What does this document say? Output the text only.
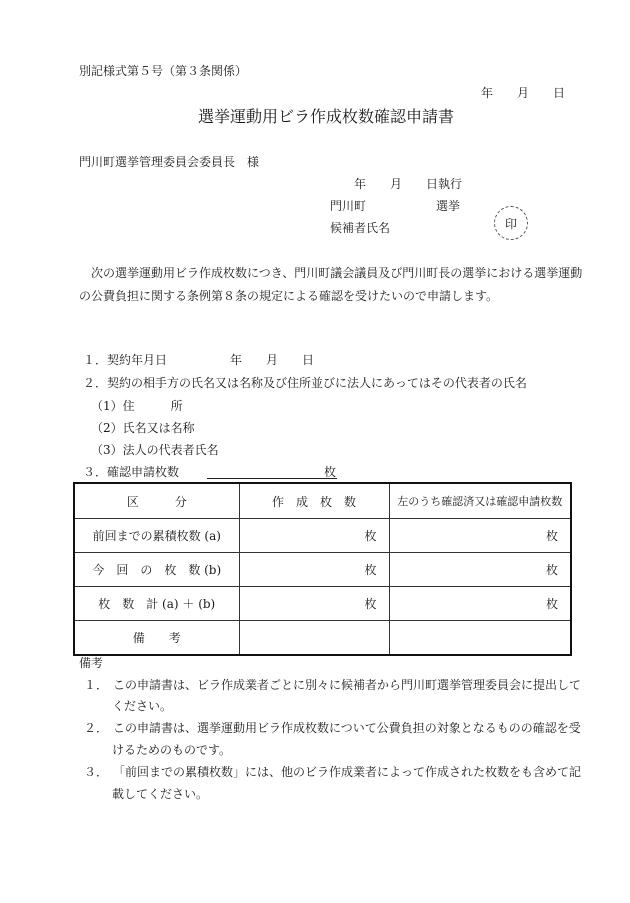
別記様式第５号（第３条関係）
年　　月　　日
選挙運動用ビラ作成枚数確認申請書
門川町選挙管理委員会委員長　様
年　　月　　日執行
門川町	選挙
候補者氏名	印
次の選挙運動用ビラ作成枚数につき、門川町議会議員及び門川町長の選挙における選挙運動
の公費負担に関する条例第８条の規定による確認を受けたいので申請します。
１．契約年月日	年　　月　　日
２．契約の相手方の氏名又は名称及び住所並びに法人にあってはその代表者の氏名
（1）住　　　所
（2）氏名又は名称
（3）法人の代表者氏名
３．確認申請枚数	枚
区　　　分	作　成　枚　数	左のうち確認済又は確認申請枚数
前回までの累積枚数 (a)	枚	枚
今　回　の　枚　数 (b)	枚	枚
枚　数　計 (a) ＋ (b)	枚	枚
備　　考		
備考
１． この申請書は、ビラ作成業者ごとに別々に候補者から門川町選挙管理委員会に提出して
ください。
２． この申請書は、選挙運動用ビラ作成枚数について公費負担の対象となるものの確認を受
けるためのものです。
３． 「前回までの累積枚数」には、他のビラ作成業者によって作成された枚数をも含めて記
載してください。
